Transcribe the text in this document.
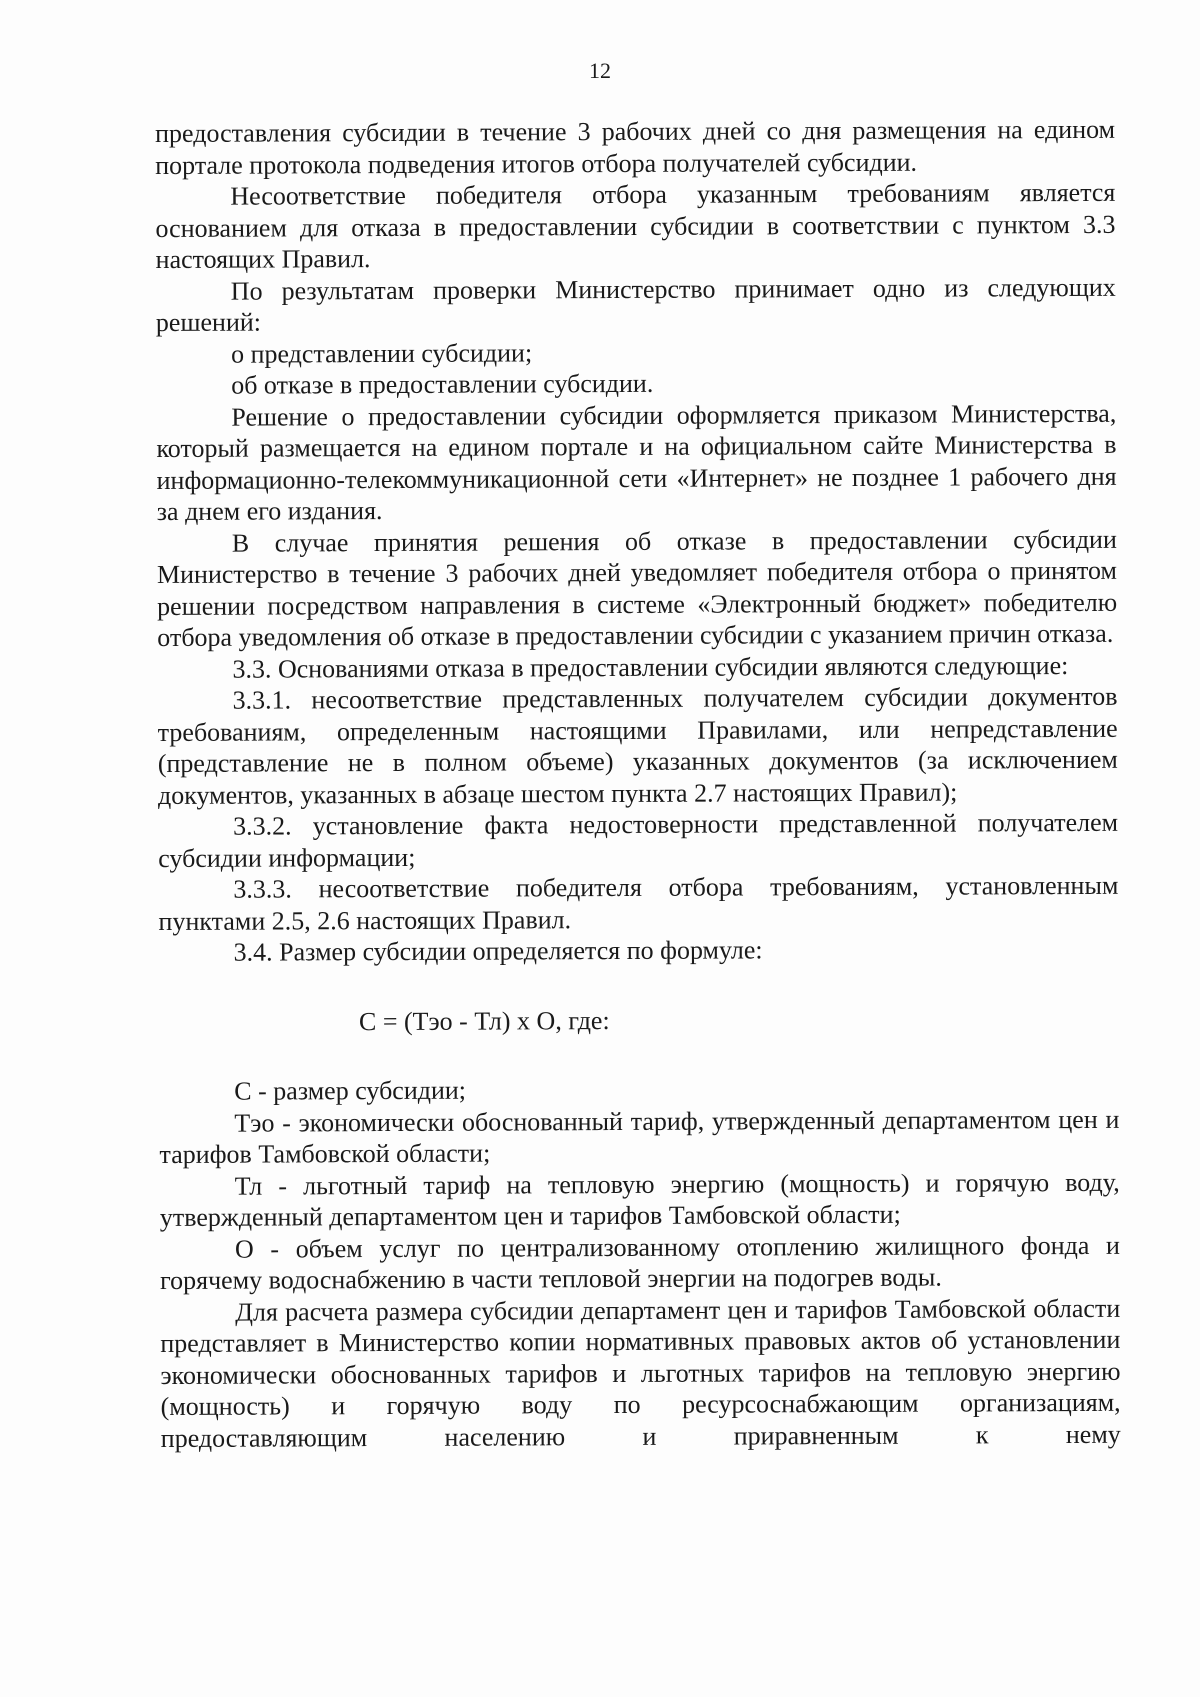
12

предоставления субсидии в течение 3 рабочих дней со дня размещения на едином портале протокола подведения итогов отбора получателей субсидии.

Несоответствие победителя отбора указанным требованиям является основанием для отказа в предоставлении субсидии в соответствии с пунктом 3.3 настоящих Правил.

По результатам проверки Министерство принимает одно из следующих решений:

о представлении субсидии;

об отказе в предоставлении субсидии.

Решение о предоставлении субсидии оформляется приказом Министерства, который размещается на едином портале и на официальном сайте Министерства в информационно-телекоммуникационной сети «Интернет» не позднее 1 рабочего дня за днем его издания.

В случае принятия решения об отказе в предоставлении субсидии Министерство в течение 3 рабочих дней уведомляет победителя отбора о принятом решении посредством направления в системе «Электронный бюджет» победителю отбора уведомления об отказе в предоставлении субсидии с указанием причин отказа.

3.3. Основаниями отказа в предоставлении субсидии являются следующие:

3.3.1. несоответствие представленных получателем субсидии документов требованиям, определенным настоящими Правилами, или непредставление (представление не в полном объеме) указанных документов (за исключением документов, указанных в абзаце шестом пункта 2.7 настоящих Правил);

3.3.2. установление факта недостоверности представленной получателем субсидии информации;

3.3.3. несоответствие победителя отбора требованиям, установленным пунктами 2.5, 2.6 настоящих Правил.

3.4. Размер субсидии определяется по формуле:

С = (Тэо - Тл) х О, где:

С - размер субсидии;

Тэо - экономически обоснованный тариф, утвержденный департаментом цен и тарифов Тамбовской области;

Тл - льготный тариф на тепловую энергию (мощность) и горячую воду, утвержденный департаментом цен и тарифов Тамбовской области;

О - объем услуг по централизованному отоплению жилищного фонда и горячему водоснабжению в части тепловой энергии на подогрев воды.

Для расчета размера субсидии департамент цен и тарифов Тамбовской области представляет в Министерство копии нормативных правовых актов об установлении экономически обоснованных тарифов и льготных тарифов на тепловую энергию (мощность) и горячую воду по ресурсоснабжающим организациям, предоставляющим населению и приравненным к нему
